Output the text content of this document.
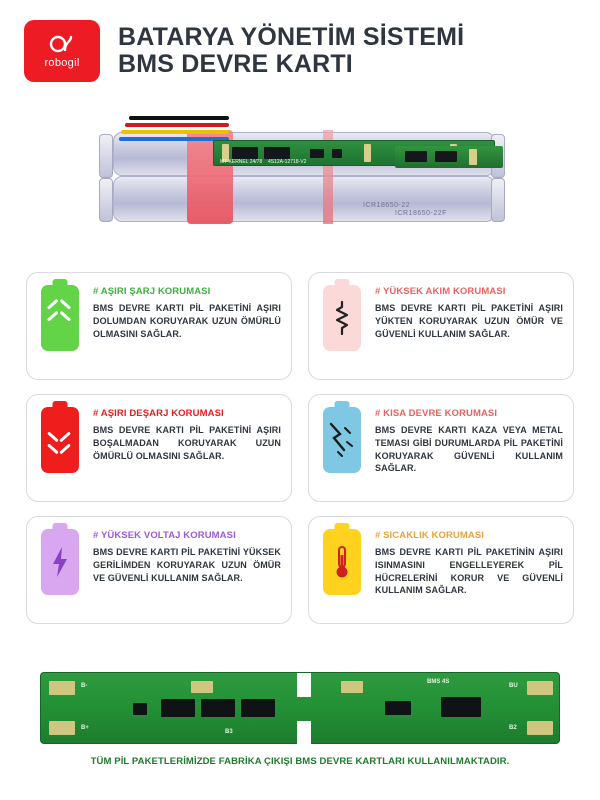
robogil
BATARYA YÖNETİM SİSTEMİ
BMS DEVRE KARTI
4S12A-12718-V2
MT KERNEL 24/78
ICR18650-22
ICR18650-22F
# AŞIRI ŞARJ KORUMASI
BMS DEVRE KARTI PİL PAKETİNİ AŞIRI DOLUMDAN KORUYARAK UZUN ÖMÜRLÜ OLMASINI SAĞLAR.
# YÜKSEK AKIM KORUMASI
BMS DEVRE KARTI PİL PAKETİNİ AŞIRI YÜKTEN KORUYARAK UZUN ÖMÜR VE GÜVENLİ KULLANIM SAĞLAR.
# AŞIRI DEŞARJ KORUMASI
BMS DEVRE KARTI PİL PAKETİNİ AŞIRI BOŞALMADAN KORUYARAK UZUN ÖMÜRLÜ OLMASINI SAĞLAR.
# KISA DEVRE KORUMASI
BMS DEVRE KARTI KAZA VEYA METAL TEMASI GİBİ DURUMLARDA PİL PAKETİNİ KORUYARAK GÜVENLİ KULLANIM SAĞLAR.
# YÜKSEK VOLTAJ KORUMASI
BMS DEVRE KARTI PİL PAKETİNİ YÜKSEK GERİLİMDEN KORUYARAK UZUN ÖMÜR VE GÜVENLİ KULLANIM SAĞLAR.
# SICAKLIK KORUMASI
BMS DEVRE KARTI PİL PAKETİNİN AŞIRI ISINMASINI ENGELLEYEREK PİL HÜCRELERİNİ KORUR VE GÜVENLİ KULLANIM SAĞLAR.
B-
B+
BU
B2
B3
BMS 4S
TÜM PİL PAKETLERİMİZDE FABRİKA ÇIKIŞI BMS DEVRE KARTLARI KULLANILMAKTADIR.
